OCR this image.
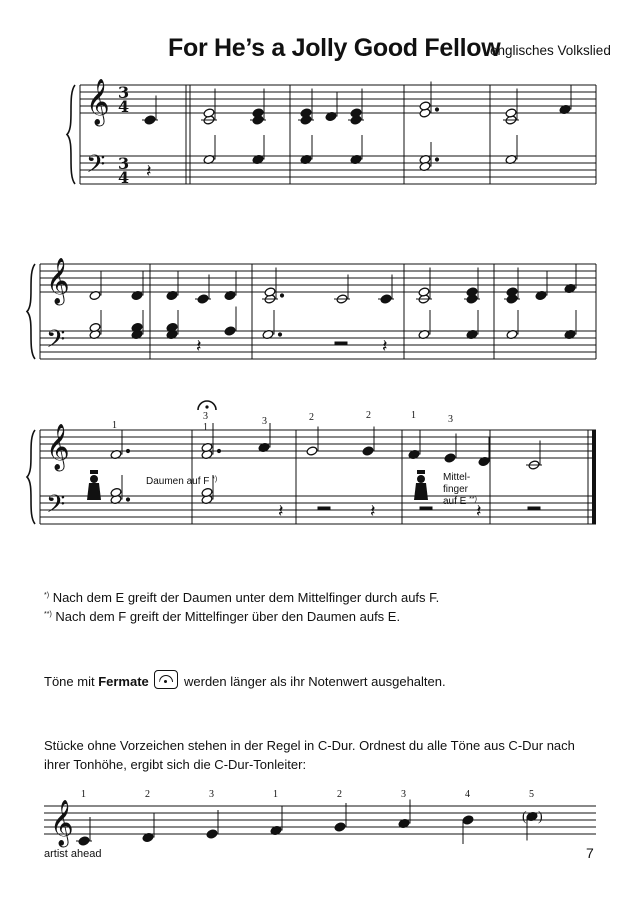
For He’s a Jolly Good Fellow
englisches Volkslied
𝄞
𝄢
3
4
3
4 𝄽
𝄞
𝄢	𝄽	𝄽
𝄞
𝄢
1
3
1
3	2	2	1	3
𝄽	𝄽	𝄽
𝄞
1	2	3	1	2	3	4	5
( )
Daumen auf F *)	Mittel-
finger
auf E **)
*) Nach dem E greift der Daumen unter dem Mittelfinger durch aufs F.
**) Nach dem F greift der Mittelfinger über den Daumen aufs E.
Töne mit Fermate  werden länger als ihr Notenwert ausgehalten.
Stücke ohne Vorzeichen stehen in der Regel in C-Dur. Ordnest du alle Töne aus C-Dur nach ihrer Tonhöhe, ergibt sich die C-Dur-Tonleiter:
artist ahead	7
